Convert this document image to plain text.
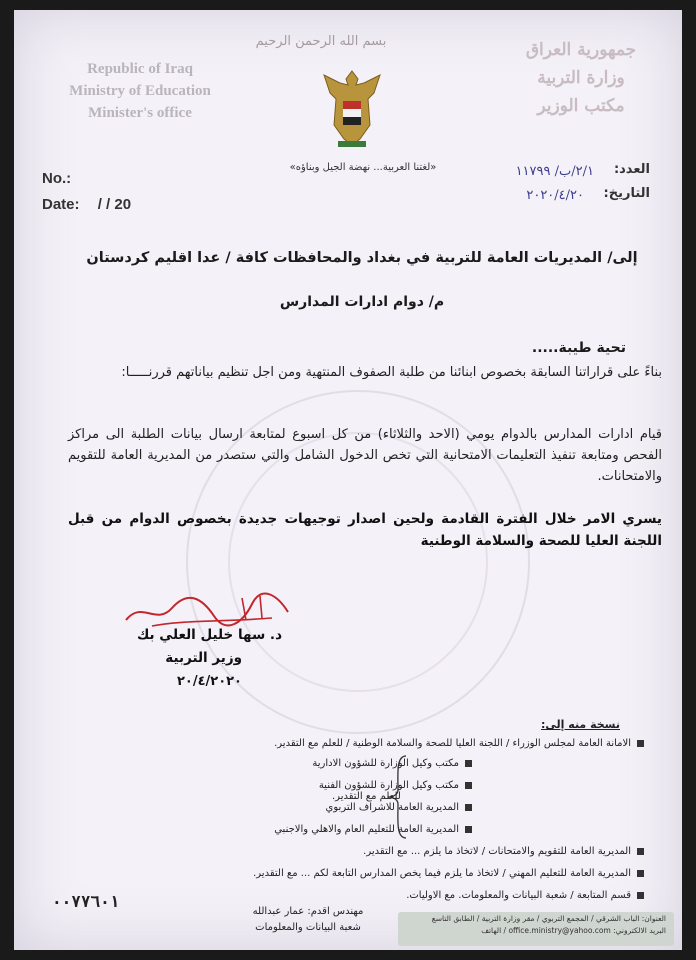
Republic of Iraq
Ministry of Education
Minister's office
بسم الله الرحمن الرحيم	جمهورية العراق
وزارة التربية
مكتب الوزير
«لغتنا العربية... نهضة الجيل وبناؤه»
No.:
Date: / / 20
العدد:
٢/١/ب/ ١١٧٩٩
التاريخ:
٢٠٢٠/٤/٢٠
إلى/ المديريات العامة للتربية في بغداد والمحافظات كافة / عدا اقليم كردستان
م/ دوام ادارات المدارس
تحية طيبة.....
بناءً على قراراتنا السابقة بخصوص ابنائنا من طلبة الصفوف المنتهية ومن اجل تنظيم بياناتهم قررنـــــا:
قيام ادارات المدارس بالدوام يومي (الاحد والثلاثاء) من كل اسبوع لمتابعة ارسال بيانات الطلبة الى مراكز الفحص ومتابعة تنفيذ التعليمات الامتحانية التي تخص الدخول الشامل والتي ستصدر من المديرية العامة للتقويم والامتحانات.
يسري الامر خلال الفترة القادمة ولحين اصدار توجيهات جديدة بخصوص الدوام من قبل اللجنة العليا للصحة والسلامة الوطنية
د. سها خليل العلي بك
وزير التربية
٢٠/٤/٢٠٢٠
نسخة منه إلى:
الامانة العامة لمجلس الوزراء / اللجنة العليا للصحة والسلامة الوطنية / للعلم مع التقدير.
مكتب وكيل الوزارة للشؤون الادارية
مكتب وكيل الوزارة للشؤون الفنية
المديرية العامة للاشراف التربوي
المديرية العامة للتعليم العام والاهلي والاجنبي
للعلم مع التقدير.
المديرية العامة للتقويم والامتحانات / لاتخاذ ما يلزم ... مع التقدير.
المديرية العامة للتعليم المهني / لاتخاذ ما يلزم فيما يخص المدارس التابعة لكم ... مع التقدير.
قسم المتابعة / شعبة البيانات والمعلومات. مع الاوليات.
٠٠٧٧٦٠١
مهندس اقدم: عمار عبدالله
شعبة البيانات والمعلومات
العنوان: الباب الشرقي / المجمع التربوي / مقر وزارة التربية / الطابق التاسع
البريد الالكتروني: office.ministry@yahoo.com / الهاتف
